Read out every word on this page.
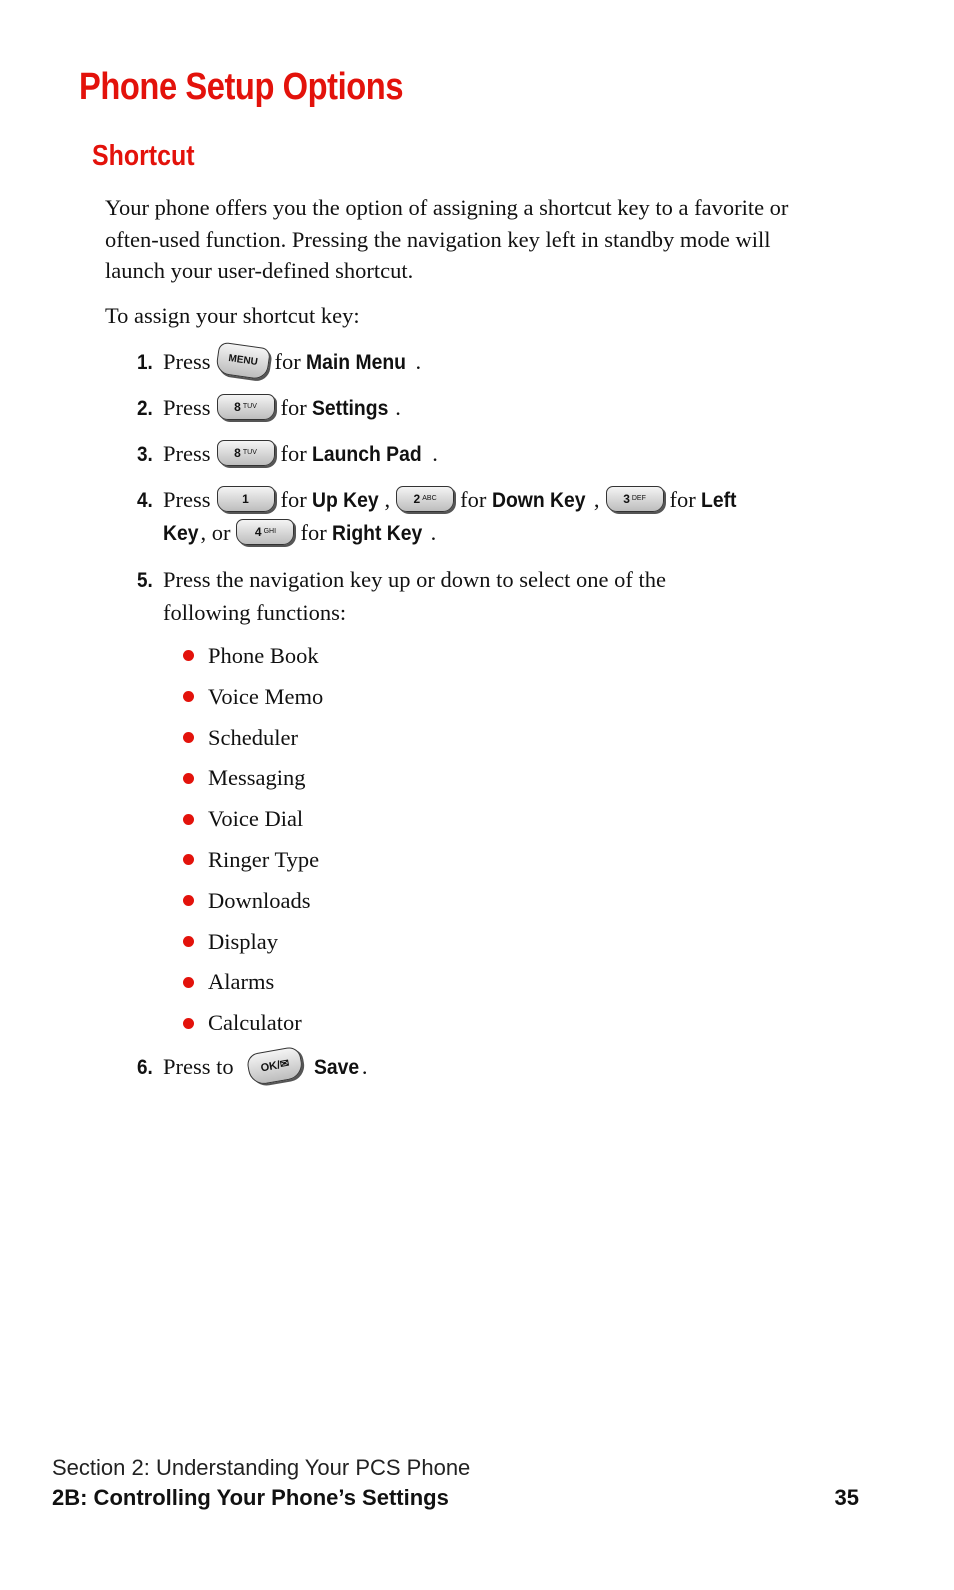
Phone Setup Options
Shortcut

Your phone offers you the option of assigning a shortcut key to a favorite or often-used function. Pressing the navigation key left in standby mode will launch your user-defined shortcut.

To assign your shortcut key:

1. Press MENU for Main Menu .
2. Press 8 $^{TUV}$ for Settings .
3. Press 8 $^{TUV}$ for Launch Pad .
4. Press	1 for Up Key , 2 $^{ABC}$ for Down Key , 3 $^{DEF}$ for Left
Key, or 4 $^{GHI}$ for Right Key .
5. Press the navigation key up or down to select one of the
following functions:
Phone Book
Voice Memo
Scheduler
Messaging
Voice Dial
Ringer Type
Downloads
Display
Alarms
Calculator
6. Press to OK/✉ Save .
Section 2: Understanding Your PCS Phone
2B: Controlling Your Phone’s Settings	35
